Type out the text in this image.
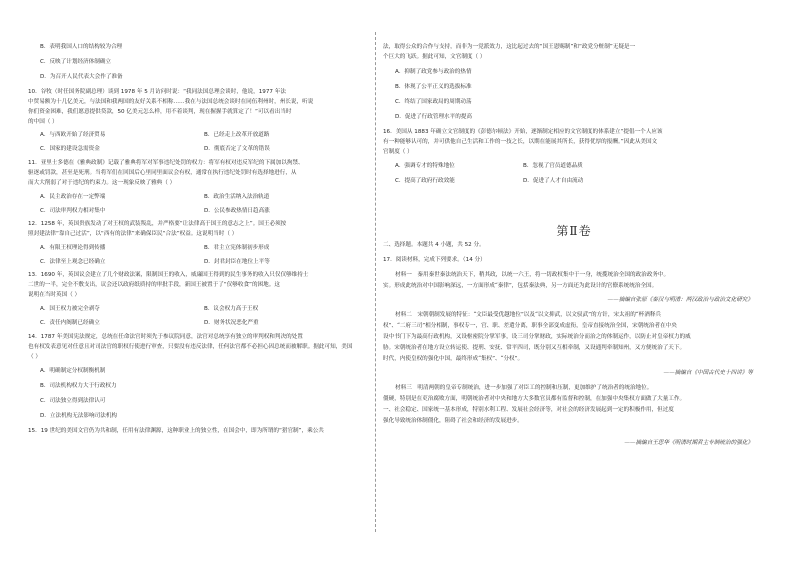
B．表明我国人口的结构较为合理
C．反映了计划经济体制确立
D．为召开人民代表大会作了准备
10．谷牧（时任国务院副总理）谈到 1978 年 5 月访问时说：“我同法国总理会谈时，他说，1977 年法
中贸易额为十几亿美元，与法国和我两国的友好关系不相称……我在与法国总统会谈时在同伍利州时，州长说，听说
你们资金困难，我们愿意提供贷款，50 亿美元怎么样，用不着谈判，现在握握手就算定了！”可以看出当时
的中国（ ）
A．与西欧开始了经济贸易	B．已经走上改革开放道路
C．国家的建设急需资金	D．彻底否定了文革的错误
11．亚里士多德在《雅典政制》记载了雅典将军对军事违纪处罚的权力：将军有权对违反军纪的下属加以拘禁、
驱逐或罚款，甚至是死刑。当将军们在回国后心里同里面议会有权，通常在执行违纪处罚时有选择地进行，从
而大大削弱了对于违纪的约束力。这一现象反映了雅典（ ）
A．民主政治存在一定弊端	B．政治生活纳入法治轨道
C．司法审判权力相对集中	D．公民参政热情日趋高涨
12．1258 年，英国贵族发动了对王权的武装叛乱，并严格要“让法律高于国王的意志之上”。国王必须按
照封建法律“靠自己过活”，以“西有的法律”来确保臣民“合法”权益。这说明当时（ ）
A．有限王权理论得到传播	B．君主立宪体制初步形成
C．法律至上观念已经确立	D．封君封臣在地位上平等
13．1690 年，英国议会建立了几个财政法案，限制国王的收入，威廉国王得到的民生事务的收入只仅仅够维持士
二世的一半，完全不敷支出，议会还以政府纸质持的审批手段，新国王被置于了“仅够收食”的困地。这
说明在当时英国（ ）
A．国王权力被完全剥夺	B．议会权力高于王权
C．责任内阁制已经确立	D．财务状况恶化严重
14．1787 年美国宪法规定，总统在任命法官时须先于参议院同意，法官对总统享有独立的审判权和判决的处置
也有权发表意见对任意且对司法官的职权行使进行审查，只要没有违反法律，任何法官都不必担心因总统而被解职。据此可知，美国
（ ）
A．明确制定分权制衡机制
B．司法机构权力大于行政权力
C．司法独立得到法律认可
D．立法机构无法影响司法机构
15．19 世纪的美国文官仍为共和制，任用有法律渊源，这种职业上的独立性，在国会中，即为所谓的“猎官制”，乘公共
第Ⅱ卷
法，取得公众的合作与支持，而非为一党派效力，这比起过去的“国王恩赐制”和“政党分赃制”无疑是一
个巨大的飞跃。据此可知，文官制度（ ）
A．抑制了政党参与政治的热情
B．体现了公平正义的选拔标准
C．终结了国家政局的周期动荡
D．促进了行政管理水平的提高
16．美国从 1883 年确立文官制度的《彭德尔顿法》开始，逐渐制定相应的文官制度的体系建立“提倡一个人应该
有一种能够认可的，并可供他自己生活和工作的一技之长，以期在能展其所长，获得优厚的报酬。”因此从美国文
官制度（ ）
A．强调专才的特殊地位	B．忽视了官员道德品质
C．提高了政府行政效能	D．促进了人才自由流动
二、选择题。本题共 4 小题，共 52 分。
17．阅读材料，完成下列要求。（14 分）
材料一　秦用秦世秦法统治天下，稍其政，以统一六王，将一切政权集中于一身，统揽统治全国的政治政务中。
实。形成此统治对中国影响深远，一方面形成“秦律”，包括秦法典，另一方面还为此设计的官僚系统统治全国。
——摘编自张原《秦汉与明清：两汉政治与政治文化研究》
材料二　宋朝朝制发展的特征：“文臣最受优越地位”以及“以文抑武，以文驭武”的方针，宋太祖的“杯酒释兵
权”、“二府三司”相分相制，事权专一，官、职、差遣分离，职事全部变成虚衔，皇帝直接统治全国，宋朝统治者在中央
设中书门下为最高行政机构，又设枢密院分掌军事，设三司分掌财政，实际统治分而治之的体制运作，以防止对皇帝权力的威
胁。宋朝统治者在地方设立转运使、提刑、安抚、常平四司，既分别又互相牵制，又设通判牵制知州，又方便统治了天下。
时代，内使皇权的强化中国，最终形成“集权”、“分权”。
——摘编自《中国古代史十四讲》等
材料三　明清两朝的皇帝专制统治，进一步加强了对臣工的控制和压制，更加维护了统治者的统治地位。
僵硬，特别是在吏治腐败方面，明朝统治者对中央和地方大多数官员都有监督和控制，在加强中央集权方面做了大量工作。
一、社会稳定、国家统一基本形成，特别水利工程、发展社会经济等，对社会的经济发展起到一定的积极作用，但过度
强化导致统治体制僵化，阻碍了社会和经济的发展进步。
——摘编自王思华《明清时期君主专制统治的强化》
